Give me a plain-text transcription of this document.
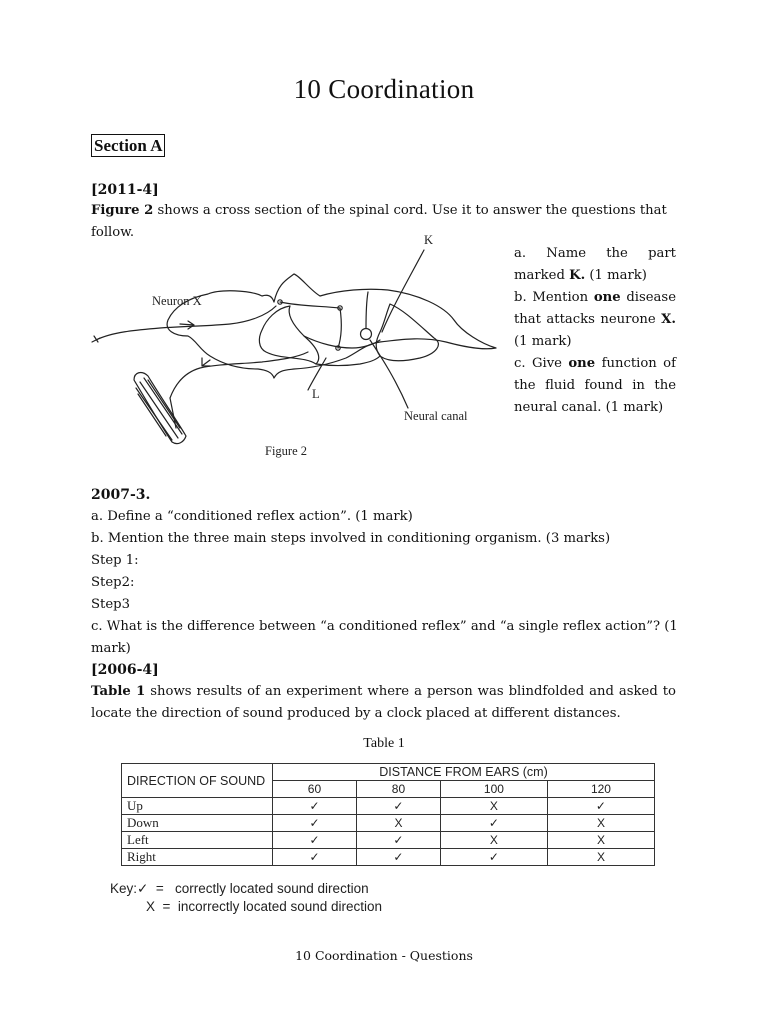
10 Coordination
Section A
[2011-4]

Figure 2 shows a cross section of the spinal cord. Use it to answer the questions that follow.	K
Neuron X
L
Neural canal
Figure 2

a. Name the part marked K. (1 mark)

b. Mention one disease that attacks neurone X. (1 mark)

c. Give one function of the fluid found in the neural canal. (1 mark)

2007-3.
a. Define a “conditioned reflex action”. (1 mark)
b. Mention the three main steps involved in conditioning organism. (3 marks)
Step 1:
Step2:
Step3
c. What is the difference between “a conditioned reflex” and “a single reflex action”? (1 mark)
[2006-4]

Table 1 shows results of an experiment where a person was blindfolded and asked to locate the direction of sound produced by a clock placed at different distances.

Table 1
DIRECTION OF SOUND	DISTANCE FROM EARS (cm)			
	60	80	100	120
Up	✓	✓	X	✓
Down	✓	X	✓	X
Left	✓	✓	X	X
Right	✓	✓	✓	X
Key:✓ =   correctly located sound direction
X =  incorrectly located sound direction
10 Coordination - Questions
